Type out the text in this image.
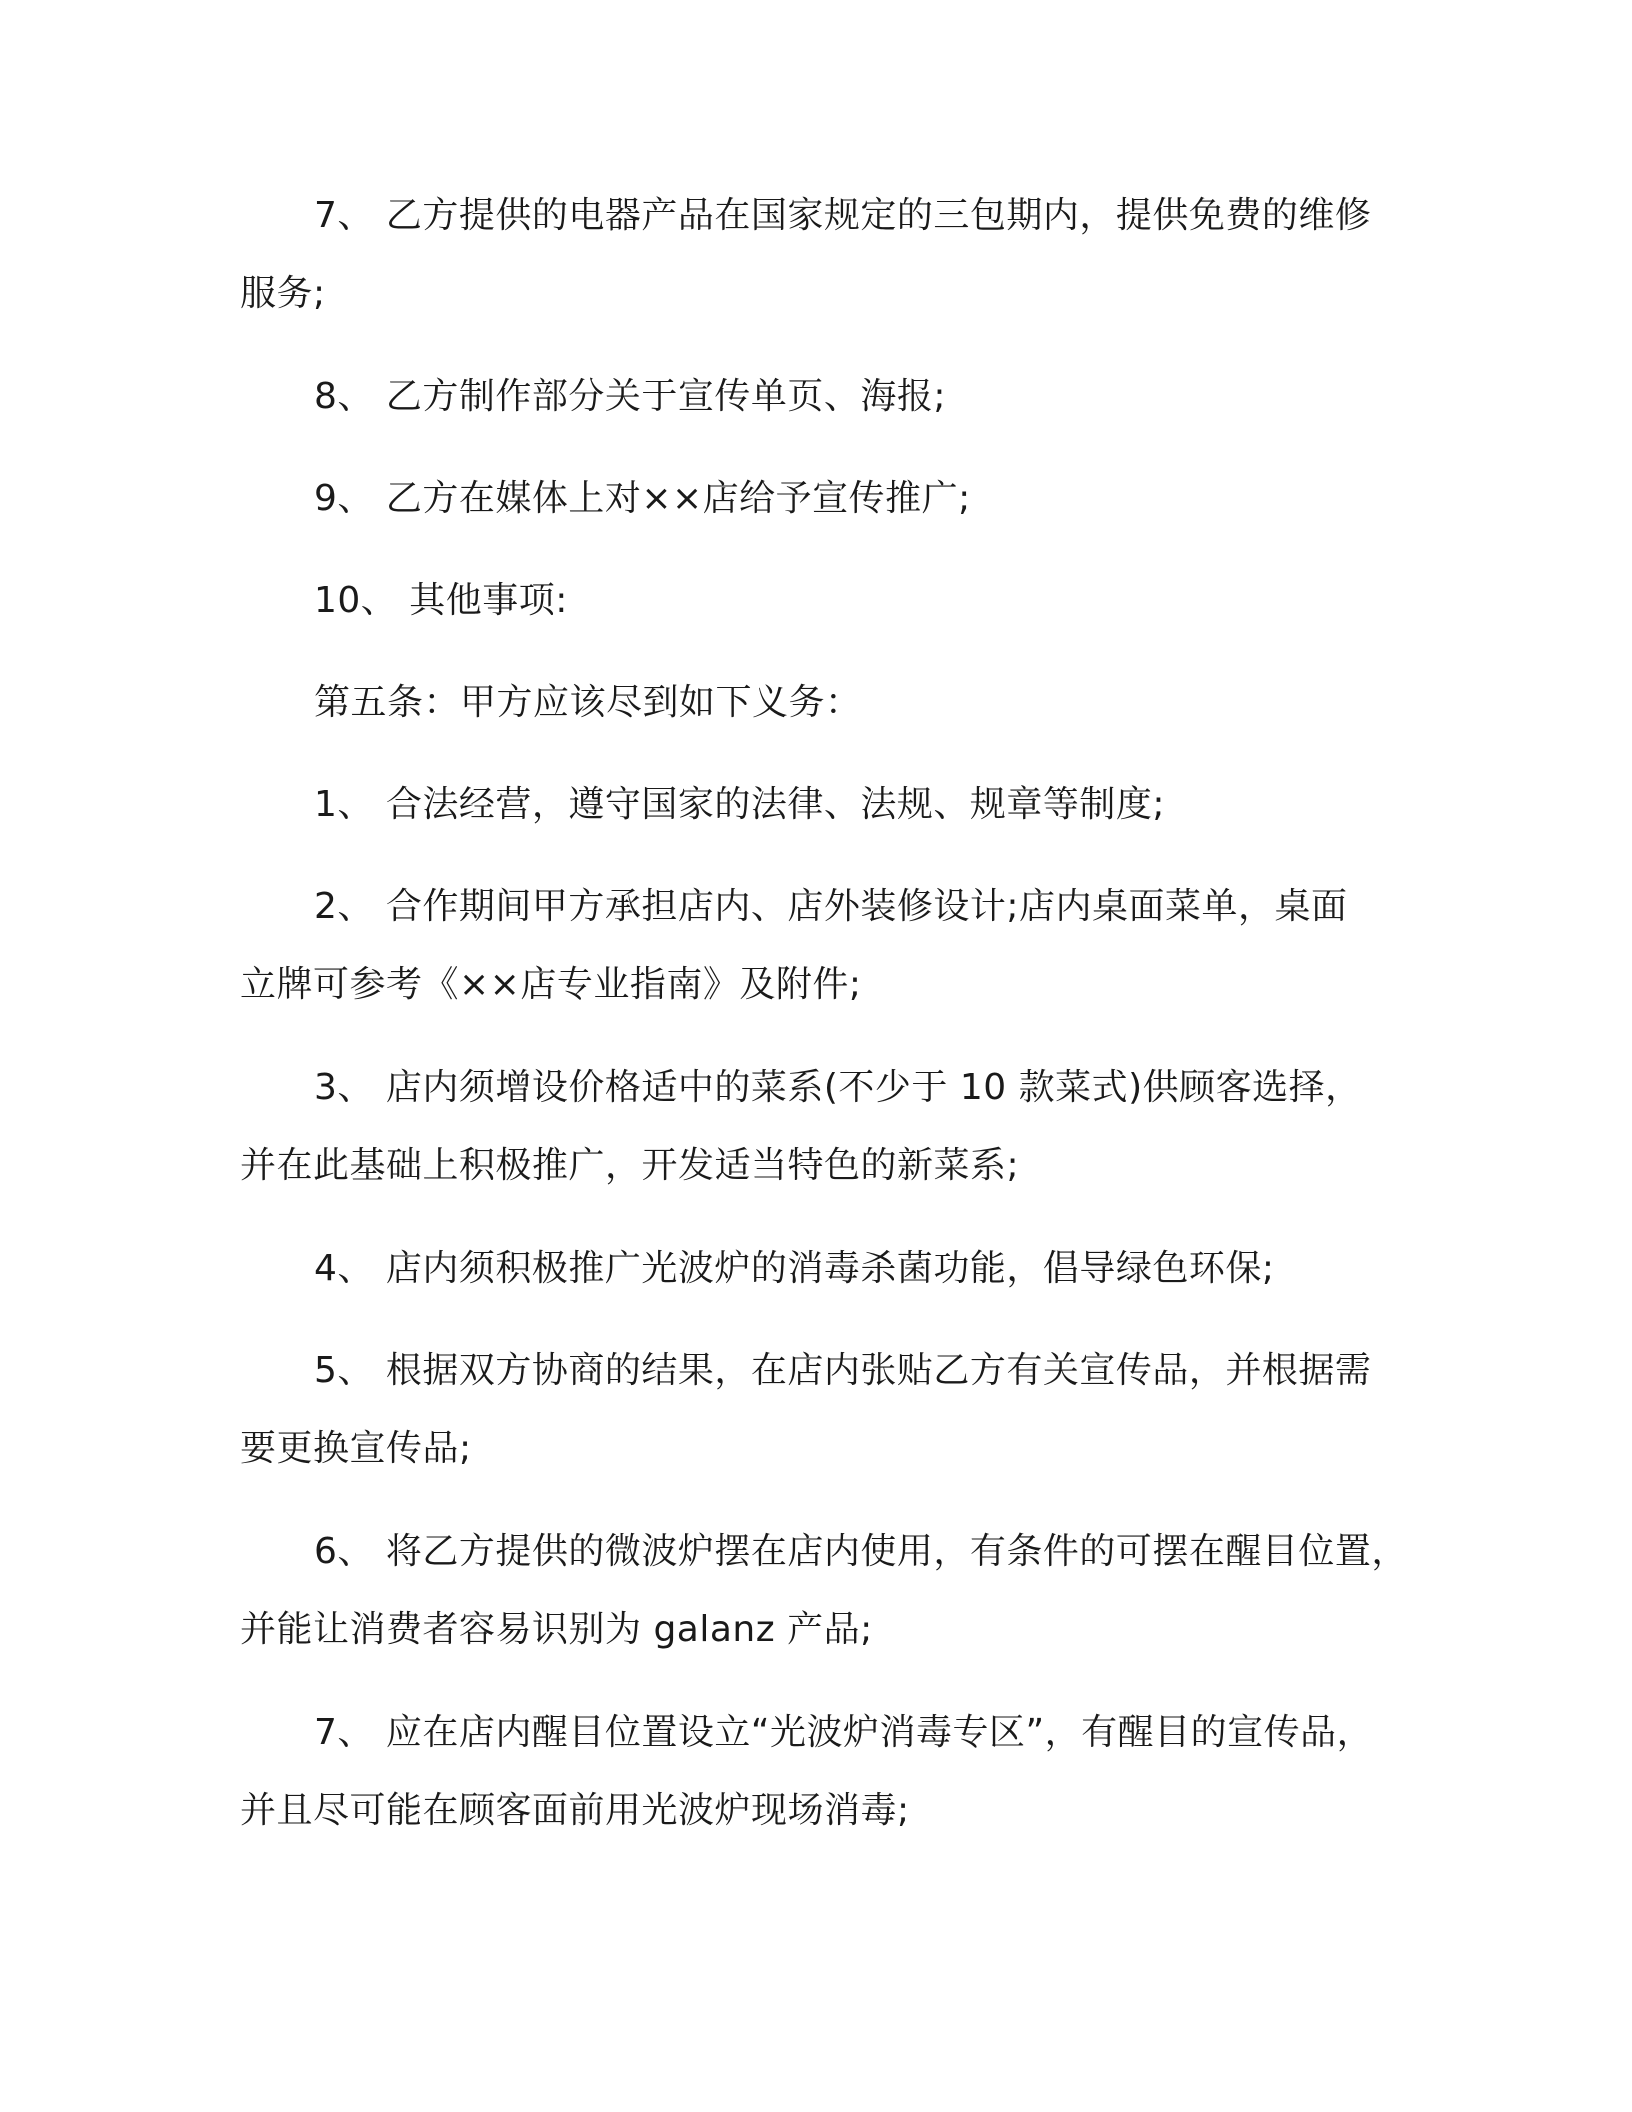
7、 乙方提供的电器产品在国家规定的三包期内，提供免费的维修
服务;
8、 乙方制作部分关于宣传单页、海报;
9、 乙方在媒体上对××店给予宣传推广;
10、 其他事项:
第五条：甲方应该尽到如下义务：
1、 合法经营，遵守国家的法律、法规、规章等制度;
2、 合作期间甲方承担店内、店外装修设计;店内桌面菜单，桌面
立牌可参考《××店专业指南》及附件;
3、 店内须增设价格适中的菜系(不少于 10 款菜式)供顾客选择，
并在此基础上积极推广，开发适当特色的新菜系;
4、 店内须积极推广光波炉的消毒杀菌功能，倡导绿色环保;
5、 根据双方协商的结果，在店内张贴乙方有关宣传品，并根据需
要更换宣传品;
6、 将乙方提供的微波炉摆在店内使用，有条件的可摆在醒目位置，
并能让消费者容易识别为 galanz 产品;
7、 应在店内醒目位置设立“光波炉消毒专区”，有醒目的宣传品，
并且尽可能在顾客面前用光波炉现场消毒;
